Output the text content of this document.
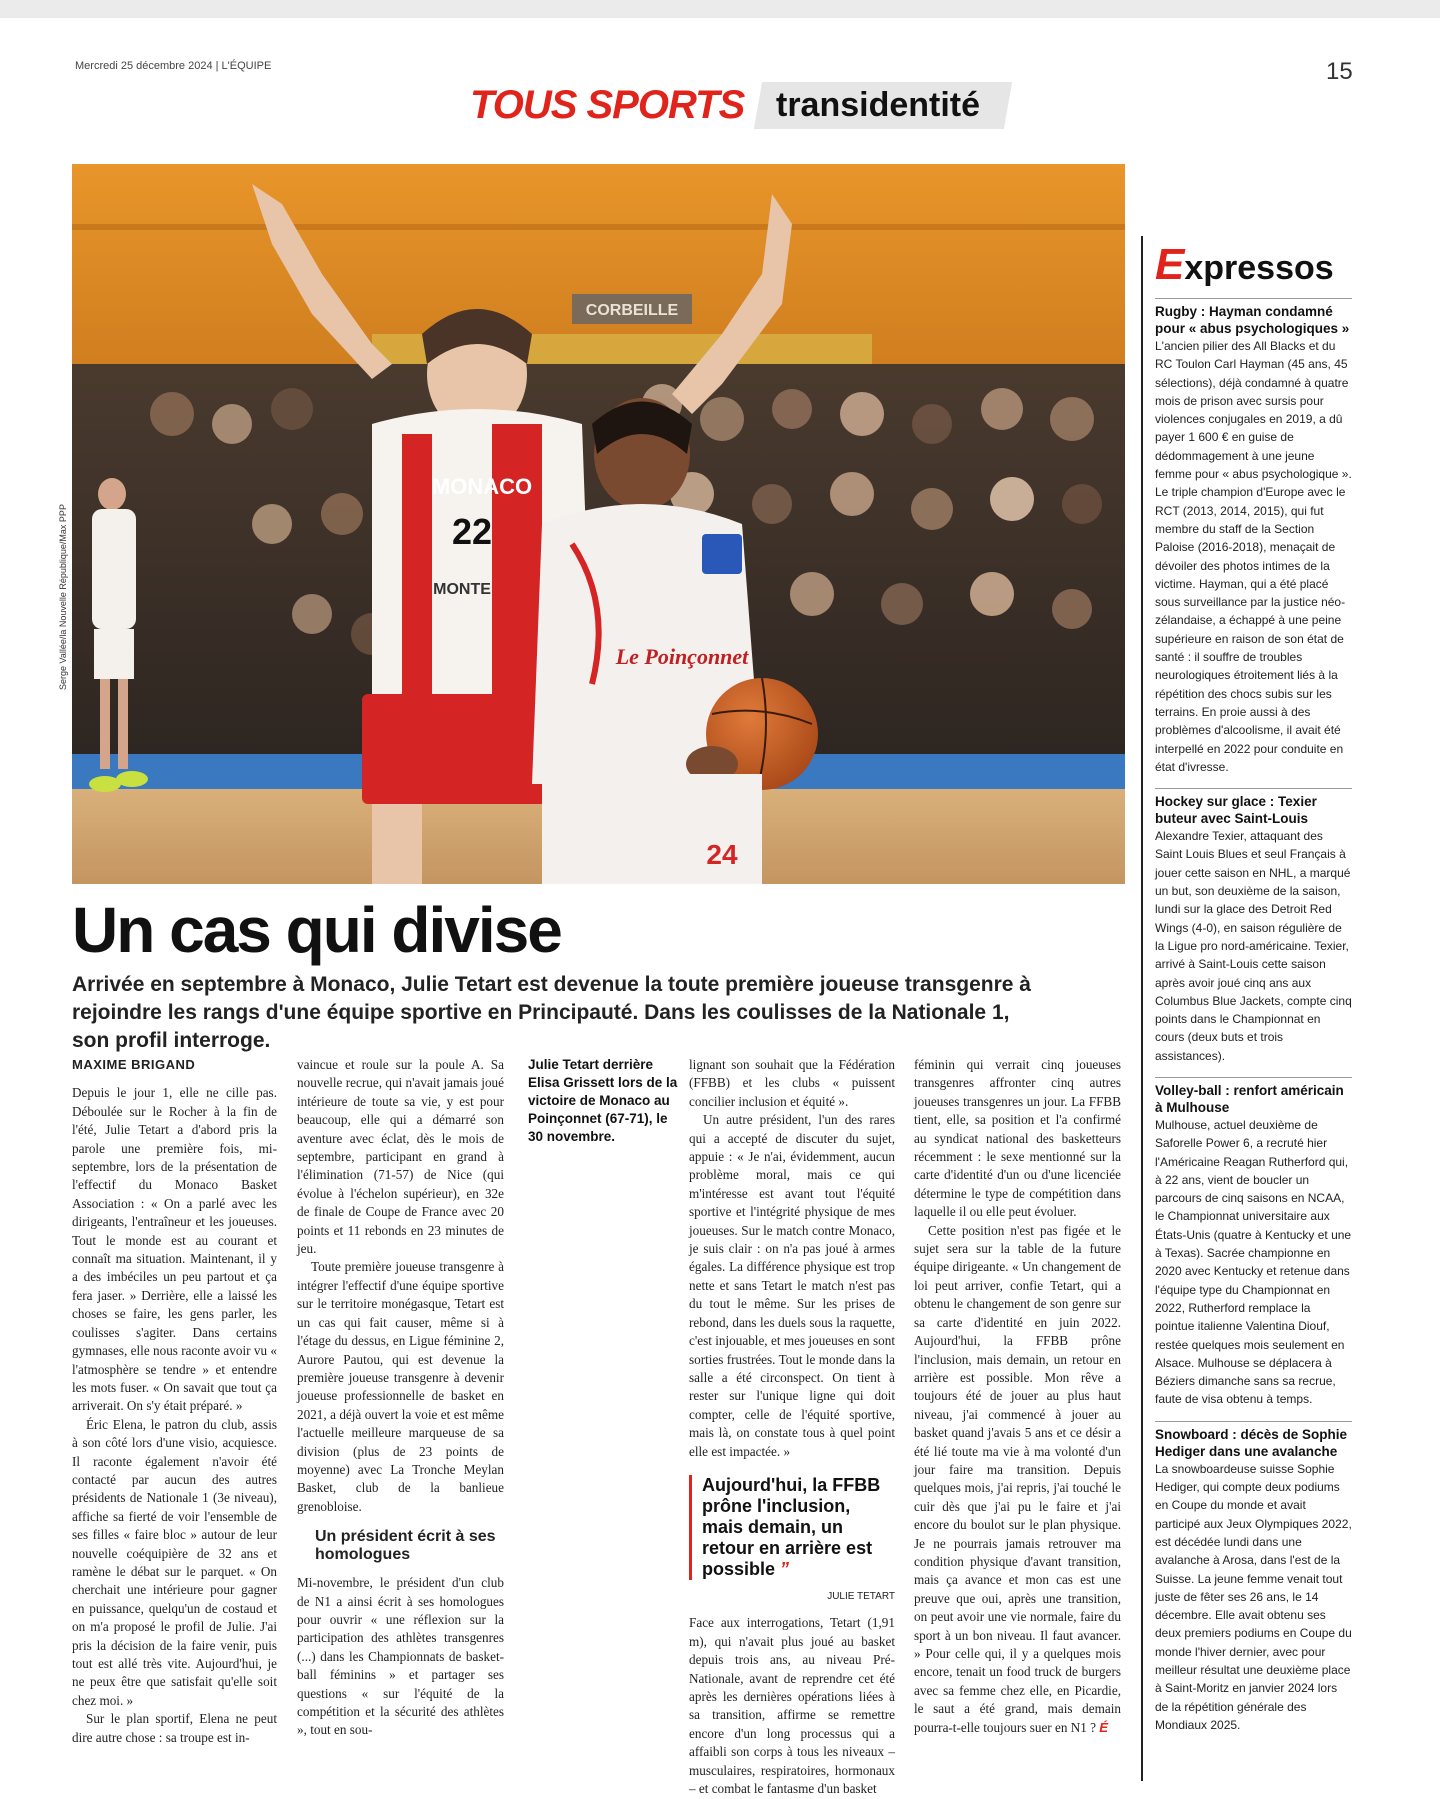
Mercredi 25 décembre 2024 | L'ÉQUIPE	15
TOUS SPORTS transidentité
CORBEILLE
MONACO
22
MONTE
Le Poinçonnet
24
Serge Vallée/la Nouvelle République/Max PPP
Un cas qui divise
Arrivée en septembre à Monaco, Julie Tetart est devenue la toute première joueuse transgenre à rejoindre les rangs d'une équipe sportive en Principauté. Dans les coulisses de la Nationale 1, son profil interroge.
MAXIME BRIGAND

Depuis le jour 1, elle ne cille pas. Déboulée sur le Rocher à la fin de l'été, Julie Tetart a d'abord pris la parole une première fois, mi-septembre, lors de la présentation de l'effectif du Monaco Basket Association : « On a parlé avec les dirigeants, l'entraîneur et les joueuses. Tout le monde est au courant et connaît ma situation. Maintenant, il y a des imbéciles un peu partout et ça fera jaser. » Derrière, elle a laissé les choses se faire, les gens parler, les coulisses s'agiter. Dans certains gymnases, elle nous raconte avoir vu « l'atmosphère se tendre » et entendre les mots fuser. « On savait que tout ça arriverait. On s'y était préparé. »

Éric Elena, le patron du club, assis à son côté lors d'une visio, acquiesce. Il raconte également n'avoir été contacté par aucun des autres présidents de Nationale 1 (3e niveau), affiche sa fierté de voir l'ensemble de ses filles « faire bloc » autour de leur nouvelle coéquipière de 32 ans et ramène le débat sur le parquet. « On cherchait une intérieure pour gagner en puissance, quelqu'un de costaud et on m'a proposé le profil de Julie. J'ai pris la décision de la faire venir, puis tout est allé très vite. Aujourd'hui, je ne peux être que satisfait qu'elle soit chez moi. »

Sur le plan sportif, Elena ne peut dire autre chose : sa troupe est in-

vaincue et roule sur la poule A. Sa nouvelle recrue, qui n'avait jamais joué intérieure de toute sa vie, y est pour beaucoup, elle qui a démarré son aventure avec éclat, dès le mois de septembre, participant en grand à l'élimination (71-57) de Nice (qui évolue à l'échelon supérieur), en 32e de finale de Coupe de France avec 20 points et 11 rebonds en 23 minutes de jeu.

Toute première joueuse transgenre à intégrer l'effectif d'une équipe sportive sur le territoire monégasque, Tetart est un cas qui fait causer, même si à l'étage du dessus, en Ligue féminine 2, Aurore Pautou, qui est devenue la première joueuse transgenre à devenir joueuse professionnelle de basket en 2021, a déjà ouvert la voie et est même l'actuelle meilleure marqueuse de sa division (plus de 23 points de moyenne) avec La Tronche Meylan Basket, club de la banlieue grenobloise.

Un président écrit à ses homologues

Mi-novembre, le président d'un club de N1 a ainsi écrit à ses homologues pour ouvrir « une réflexion sur la participation des athlètes transgenres (...) dans les Championnats de basket-ball féminins » et partager ses questions « sur l'équité de la compétition et la sécurité des athlètes », tout en sou-

Julie Tetart derrière Elisa Grissett lors de la victoire de Monaco au Poinçonnet (67-71), le 30 novembre.

lignant son souhait que la Fédération (FFBB) et les clubs « puissent concilier inclusion et équité ».

Un autre président, l'un des rares qui a accepté de discuter du sujet, appuie : « Je n'ai, évidemment, aucun problème moral, mais ce qui m'intéresse est avant tout l'équité sportive et l'intégrité physique de mes joueuses. Sur le match contre Monaco, je suis clair : on n'a pas joué à armes égales. La différence physique est trop nette et sans Tetart le match n'est pas du tout le même. Sur les prises de rebond, dans les duels sous la raquette, c'est injouable, et mes joueuses en sont sorties frustrées. Tout le monde dans la salle a été circonspect. On tient à rester sur l'unique ligne qui doit compter, celle de l'équité sportive, mais là, on constate tous à quel point elle est impactée. »

Aujourd'hui, la FFBB prône l'inclusion, mais demain, un retour en arrière est possible ”
JULIE TETART

Face aux interrogations, Tetart (1,91 m), qui n'avait plus joué au basket depuis trois ans, au niveau Pré-Nationale, avant de reprendre cet été après les dernières opérations liées à sa transition, affirme se remettre encore d'un long processus qui a affaibli son corps à tous les niveaux – musculaires, respiratoires, hormonaux – et combat le fantasme d'un basket

féminin qui verrait cinq joueuses transgenres affronter cinq autres joueuses transgenres un jour. La FFBB tient, elle, sa position et l'a confirmé au syndicat national des basketteurs récemment : le sexe mentionné sur la carte d'identité d'un ou d'une licenciée détermine le type de compétition dans laquelle il ou elle peut évoluer.

Cette position n'est pas figée et le sujet sera sur la table de la future équipe dirigeante. « Un changement de loi peut arriver, confie Tetart, qui a obtenu le changement de son genre sur sa carte d'identité en juin 2022. Aujourd'hui, la FFBB prône l'inclusion, mais demain, un retour en arrière est possible. Mon rêve a toujours été de jouer au plus haut niveau, j'ai commencé à jouer au basket quand j'avais 5 ans et ce désir a été lié toute ma vie à ma volonté d'un jour faire ma transition. Depuis quelques mois, j'ai repris, j'ai touché le cuir dès que j'ai pu le faire et j'ai encore du boulot sur le plan physique. Je ne pourrais jamais retrouver ma condition physique d'avant transition, mais ça avance et mon cas est une preuve que oui, après une transition, on peut avoir une vie normale, faire du sport à un bon niveau. Il faut avancer. » Pour celle qui, il y a quelques mois encore, tenait un food truck de burgers avec sa femme chez elle, en Picardie, le saut a été grand, mais demain pourra-t-elle toujours suer en N1 ? É

Expressos
Rugby : Hayman condamné pour « abus psychologiques »
L'ancien pilier des All Blacks et du RC Toulon Carl Hayman (45 ans, 45 sélections), déjà condamné à quatre mois de prison avec sursis pour violences conjugales en 2019, a dû payer 1 600 € en guise de dédommagement à une jeune femme pour « abus psychologique ». Le triple champion d'Europe avec le RCT (2013, 2014, 2015), qui fut membre du staff de la Section Paloise (2016-2018), menaçait de dévoiler des photos intimes de la victime. Hayman, qui a été placé sous surveillance par la justice néo-zélandaise, a échappé à une peine supérieure en raison de son état de santé : il souffre de troubles neurologiques étroitement liés à la répétition des chocs subis sur les terrains. En proie aussi à des problèmes d'alcoolisme, il avait été interpellé en 2022 pour conduite en état d'ivresse.
Hockey sur glace : Texier buteur avec Saint-Louis
Alexandre Texier, attaquant des Saint Louis Blues et seul Français à jouer cette saison en NHL, a marqué un but, son deuxième de la saison, lundi sur la glace des Detroit Red Wings (4-0), en saison régulière de la Ligue pro nord-américaine. Texier, arrivé à Saint-Louis cette saison après avoir joué cinq ans aux Columbus Blue Jackets, compte cinq points dans le Championnat en cours (deux buts et trois assistances).
Volley-ball : renfort américain à Mulhouse
Mulhouse, actuel deuxième de Saforelle Power 6, a recruté hier l'Américaine Reagan Rutherford qui, à 22 ans, vient de boucler un parcours de cinq saisons en NCAA, le Championnat universitaire aux États-Unis (quatre à Kentucky et une à Texas). Sacrée championne en 2020 avec Kentucky et retenue dans l'équipe type du Championnat en 2022, Rutherford remplace la pointue italienne Valentina Diouf, restée quelques mois seulement en Alsace. Mulhouse se déplacera à Béziers dimanche sans sa recrue, faute de visa obtenu à temps.
Snowboard : décès de Sophie Hediger dans une avalanche
La snowboardeuse suisse Sophie Hediger, qui compte deux podiums en Coupe du monde et avait participé aux Jeux Olympiques 2022, est décédée lundi dans une avalanche à Arosa, dans l'est de la Suisse. La jeune femme venait tout juste de fêter ses 26 ans, le 14 décembre. Elle avait obtenu ses deux premiers podiums en Coupe du monde l'hiver dernier, avec pour meilleur résultat une deuxième place à Saint-Moritz en janvier 2024 lors de la répétition générale des Mondiaux 2025.
